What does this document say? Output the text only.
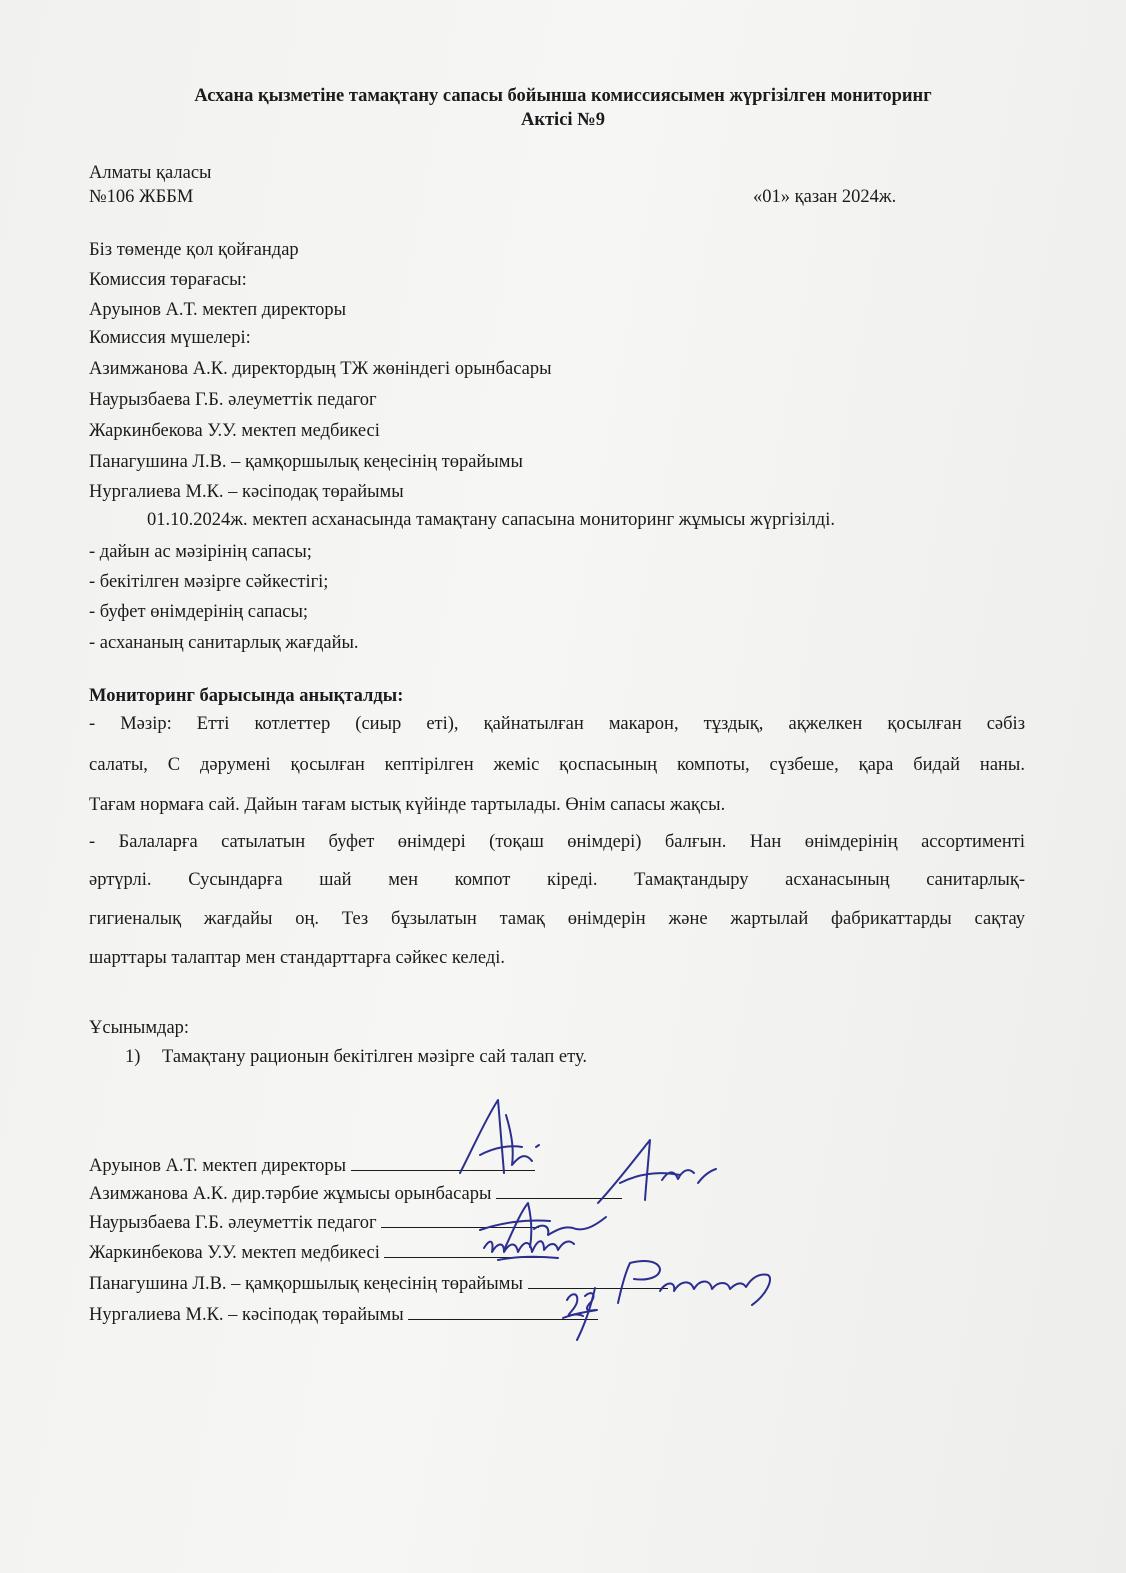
Асхана қызметіне тамақтану сапасы бойынша комиссиясымен жүргізілген мониторинг
Актісі №9
Алматы қаласы
№106 ЖББМ	«01» қазан 2024ж.
Біз төменде қол қойғандар
Комиссия төрағасы:
Аруынов А.Т. мектеп директоры
Комиссия мүшелері:
Азимжанова А.К. директордың ТЖ жөніндегі орынбасары
Наурызбаева Г.Б. әлеуметтік педагог
Жаркинбекова У.У. мектеп медбикесі
Панагушина Л.В. – қамқоршылық кеңесінің төрайымы
Нургалиева М.К. – кәсіподақ төрайымы
01.10.2024ж. мектеп асханасында тамақтану сапасына мониторинг жұмысы жүргізілді.
- дайын ас мәзірінің сапасы;
- бекітілген мәзірге сәйкестігі;
- буфет өнімдерінің сапасы;
- асхананың санитарлық жағдайы.
Мониторинг барысында анықталды:
- Мәзір: Етті котлеттер (сиыр еті), қайнатылған макарон, тұздық, ақжелкен қосылған сәбіз
салаты, С дәрумені қосылған кептірілген жеміс қоспасының компоты, сүзбеше, қара бидай наны.
Тағам нормаға сай. Дайын тағам ыстық күйінде тартылады. Өнім сапасы жақсы.
- Балаларға сатылатын буфет өнімдері (тоқаш өнімдері) балғын. Нан өнімдерінің ассортименті
әртүрлі. Сусындарға шай мен компот кіреді. Тамақтандыру асханасының санитарлық-
гигиеналық жағдайы оң. Тез бұзылатын тамақ өнімдерін және жартылай фабрикаттарды сақтау
шарттары талаптар мен стандарттарға сәйкес келеді.
Ұсынымдар:
1) Тамақтану рационын бекітілген мәзірге сай талап ету.
Аруынов А.Т. мектеп директоры
Азимжанова А.К. дир.тәрбие жұмысы орынбасары
Наурызбаева Г.Б. әлеуметтік педагог
Жаркинбекова У.У. мектеп медбикесі
Панагушина Л.В. – қамқоршылық кеңесінің төрайымы
Нургалиева М.К. – кәсіподақ төрайымы
